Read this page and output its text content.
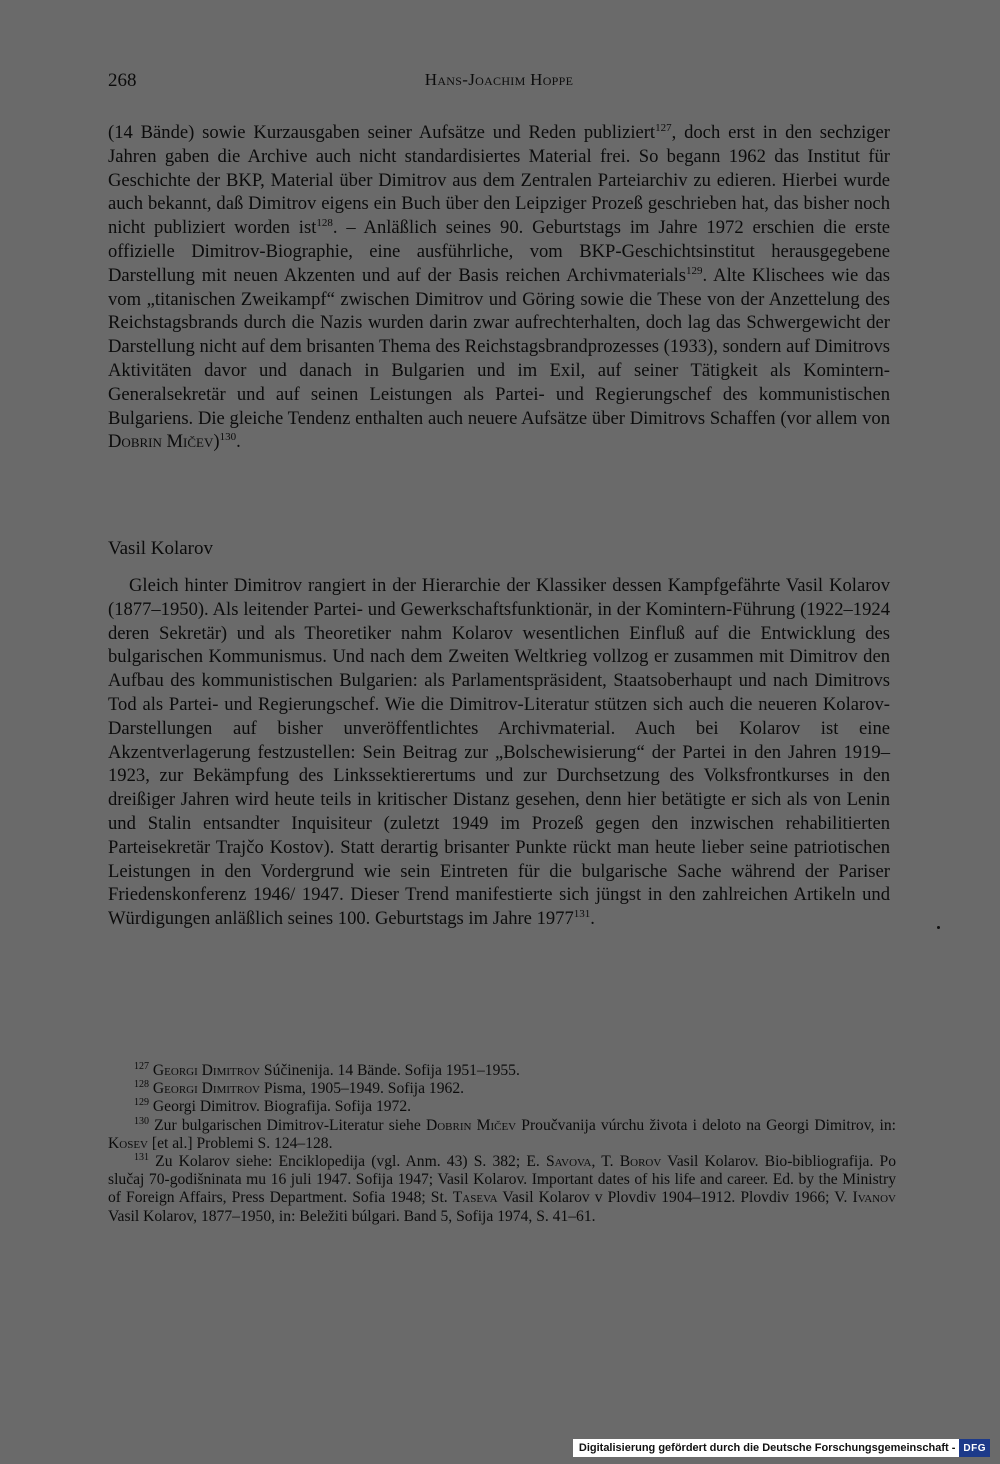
268	Hans-Joachim Hoppe

(14 Bände) sowie Kurzausgaben seiner Aufsätze und Reden publiziert$^{127}$, doch erst in den sechziger Jahren gaben die Archive auch nicht standardisiertes Material frei. So begann 1962 das Institut für Geschichte der BKP, Material über Dimitrov aus dem Zentralen Parteiarchiv zu edieren. Hierbei wurde auch bekannt, daß Dimitrov eigens ein Buch über den Leipziger Prozeß geschrieben hat, das bisher noch nicht publiziert worden ist$^{128}$. – Anläßlich seines 90. Geburtstags im Jahre 1972 erschien die erste offizielle Dimitrov-Biographie, eine ausführliche, vom BKP-Geschichtsinstitut herausgegebene Darstellung mit neuen Akzenten und auf der Basis reichen Archivmaterials$^{129}$. Alte Klischees wie das vom „titanischen Zweikampf“ zwischen Dimitrov und Göring sowie die These von der Anzettelung des Reichstagsbrands durch die Nazis wurden darin zwar aufrechterhalten, doch lag das Schwergewicht der Darstellung nicht auf dem brisanten Thema des Reichstagsbrandprozesses (1933), sondern auf Dimitrovs Aktivitäten davor und danach in Bulgarien und im Exil, auf seiner Tätigkeit als Komintern-Generalsekretär und auf seinen Leistungen als Partei- und Regierungschef des kommunistischen Bulgariens. Die gleiche Tendenz enthalten auch neuere Aufsätze über Dimitrovs Schaffen (vor allem von Dobrin Mičev)$^{130}$.

Vasil Kolarov

Gleich hinter Dimitrov rangiert in der Hierarchie der Klassiker dessen Kampfgefährte Vasil Kolarov (1877–1950). Als leitender Partei- und Gewerkschaftsfunktionär, in der Komintern-Führung (1922–1924 deren Sekretär) und als Theoretiker nahm Kolarov wesentlichen Einfluß auf die Entwicklung des bulgarischen Kommunismus. Und nach dem Zweiten Weltkrieg vollzog er zusammen mit Dimitrov den Aufbau des kommunistischen Bulgarien: als Parlamentspräsident, Staatsoberhaupt und nach Dimitrovs Tod als Partei- und Regierungschef. Wie die Dimitrov-Literatur stützen sich auch die neueren Kolarov-Darstellungen auf bisher unveröffentlichtes Archivmaterial. Auch bei Kolarov ist eine Akzentverlagerung festzustellen: Sein Beitrag zur „Bolschewisierung“ der Partei in den Jahren 1919–1923, zur Bekämpfung des Linkssektierertums und zur Durchsetzung des Volksfrontkurses in den dreißiger Jahren wird heute teils in kritischer Distanz gesehen, denn hier betätigte er sich als von Lenin und Stalin entsandter Inquisiteur (zuletzt 1949 im Prozeß gegen den inzwischen rehabilitierten Parteisekretär Trajčo Kostov). Statt derartig brisanter Punkte rückt man heute lieber seine patriotischen Leistungen in den Vordergrund wie sein Eintreten für die bulgarische Sache während der Pariser Friedenskonferenz 1946/ 1947. Dieser Trend manifestierte sich jüngst in den zahlreichen Artikeln und Würdigungen anläßlich seines 100. Geburtstags im Jahre 1977$^{131}$.

$^{127}$ Georgi Dimitrov Súčinenija. 14 Bände. Sofija 1951–1955.

$^{128}$ Georgi Dimitrov Pisma, 1905–1949. Sofija 1962.

$^{129}$ Georgi Dimitrov. Biografija. Sofija 1972.

$^{130}$ Zur bulgarischen Dimitrov-Literatur siehe Dobrin Mičev Proučvanija vúrchu života i deloto na Georgi Dimitrov, in: Kosev [et al.] Problemi S. 124–128.

$^{131}$ Zu Kolarov siehe: Enciklopedija (vgl. Anm. 43) S. 382; E. Savova, T. Borov Vasil Kolarov. Bio-bibliografija. Po slučaj 70-godišninata mu 16 juli 1947. Sofija 1947; Vasil Kolarov. Important dates of his life and career. Ed. by the Ministry of Foreign Affairs, Press Department. Sofia 1948; St. Taseva Vasil Kolarov v Plovdiv 1904–1912. Plovdiv 1966; V. Ivanov Vasil Kolarov, 1877–1950, in: Beležiti búlgari. Band 5, Sofija 1974, S. 41–61.

Digitalisierung gefördert durch die Deutsche Forschungsgemeinschaft - DFG
